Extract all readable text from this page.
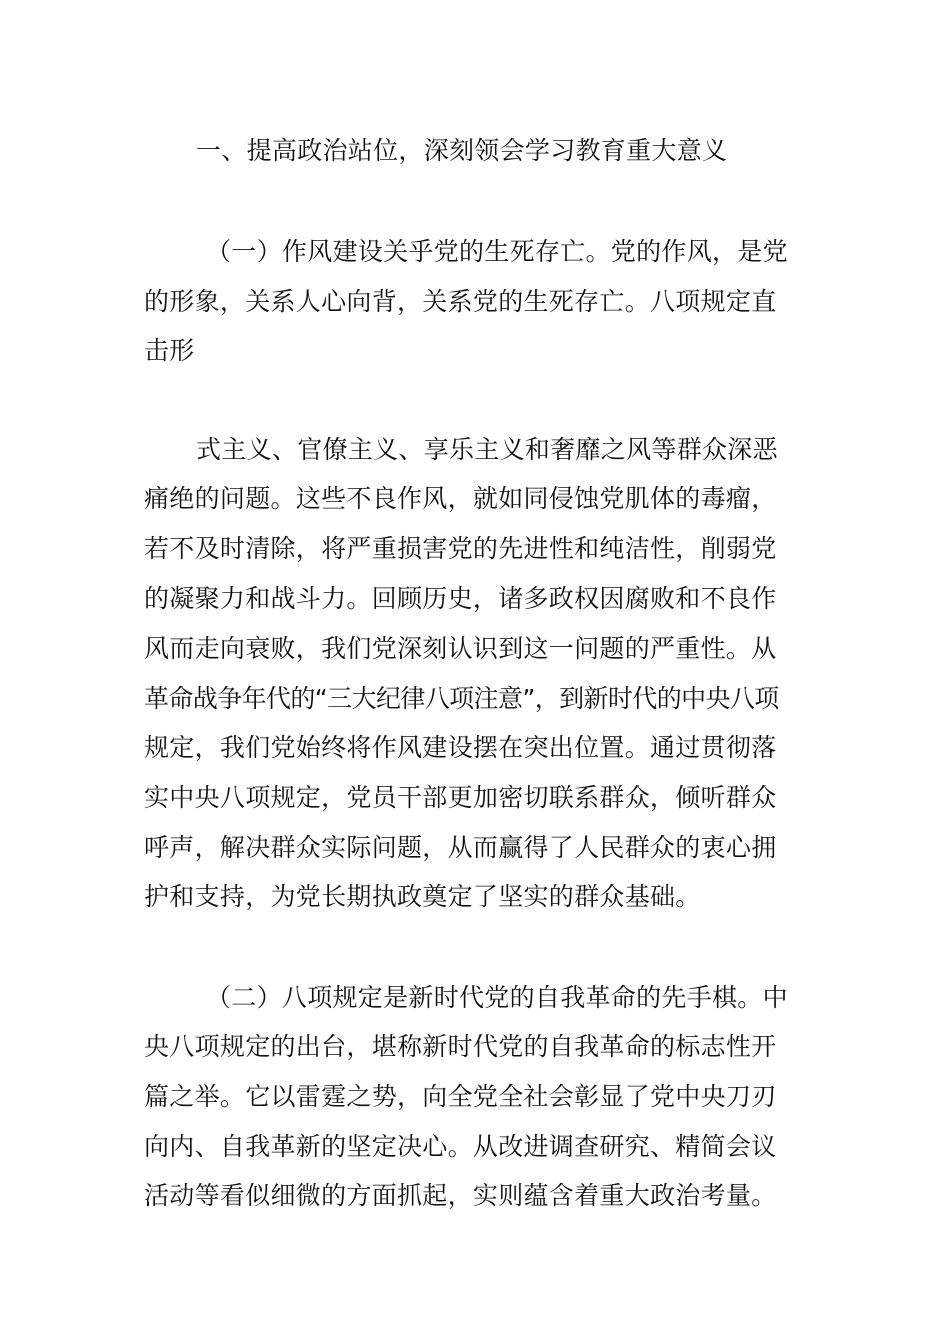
一、提高政治站位，深刻领会学习教育重大意义
（一）作风建设关乎党的生死存亡。党的作风，是党
的形象，关系人心向背，关系党的生死存亡。八项规定直
击形
式主义、官僚主义、享乐主义和奢靡之风等群众深恶
痛绝的问题。这些不良作风，就如同侵蚀党肌体的毒瘤，
若不及时清除，将严重损害党的先进性和纯洁性，削弱党
的凝聚力和战斗力。回顾历史，诸多政权因腐败和不良作
风而走向衰败，我们党深刻认识到这一问题的严重性。从
革命战争年代的“三大纪律八项注意”，到新时代的中央八项
规定，我们党始终将作风建设摆在突出位置。通过贯彻落
实中央八项规定，党员干部更加密切联系群众，倾听群众
呼声，解决群众实际问题，从而赢得了人民群众的衷心拥
护和支持，为党长期执政奠定了坚实的群众基础。
（二）八项规定是新时代党的自我革命的先手棋。中
央八项规定的出台，堪称新时代党的自我革命的标志性开
篇之举。它以雷霆之势，向全党全社会彰显了党中央刀刃
向内、自我革新的坚定决心。从改进调查研究、精简会议
活动等看似细微的方面抓起，实则蕴含着重大政治考量。
